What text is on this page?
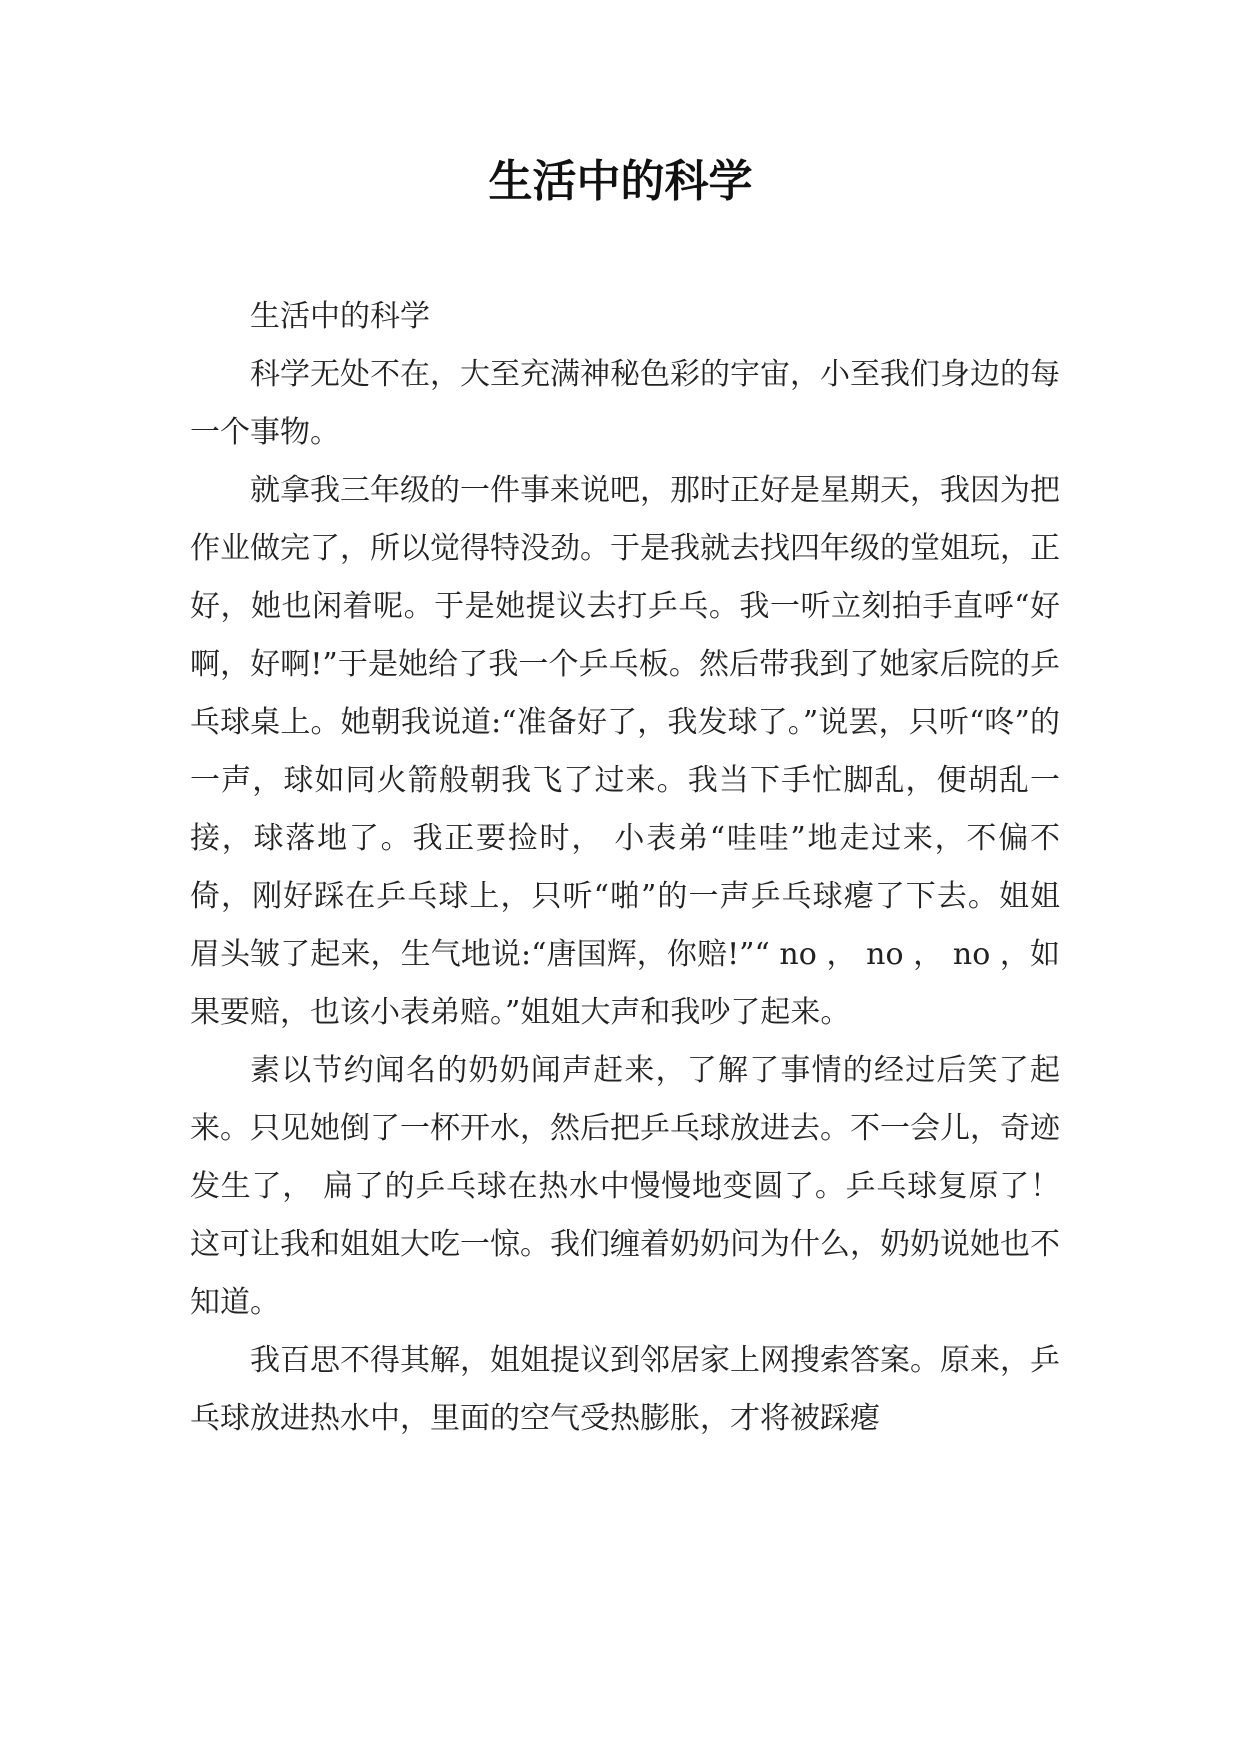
生活中的科学

生活中的科学

科学无处不在，大至充满神秘色彩的宇宙，小至我们身边的每一个事物。

就拿我三年级的一件事来说吧，那时正好是星期天，我因为把作业做完了，所以觉得特没劲。于是我就去找四年级的堂姐玩，正好，她也闲着呢。于是她提议去打乒乓。我一听立刻拍手直呼“好啊，好啊!”于是她给了我一个乒乓板。然后带我到了她家后院的乒乓球桌上。她朝我说道:“准备好了，我发球了。”说罢，只听“咚”的一声，球如同火箭般朝我飞了过来。我当下手忙脚乱，便胡乱一接，球落地了。我正要捡时， 小表弟“哇哇”地走过来，不偏不倚，刚好踩在乒乓球上，只听“啪”的一声乒乓球瘪了下去。姐姐眉头皱了起来，生气地说:“唐国辉，你赔!”“ no ， no ， no ，如果要赔，也该小表弟赔。”姐姐大声和我吵了起来。

素以节约闻名的奶奶闻声赶来，了解了事情的经过后笑了起来。只见她倒了一杯开水，然后把乒乓球放进去。不一会儿，奇迹发生了， 扁了的乒乓球在热水中慢慢地变圆了。乒乓球复原了！这可让我和姐姐大吃一惊。我们缠着奶奶问为什么，奶奶说她也不知道。

我百思不得其解，姐姐提议到邻居家上网搜索答案。原来，乒乓球放进热水中，里面的空气受热膨胀，才将被踩瘪
